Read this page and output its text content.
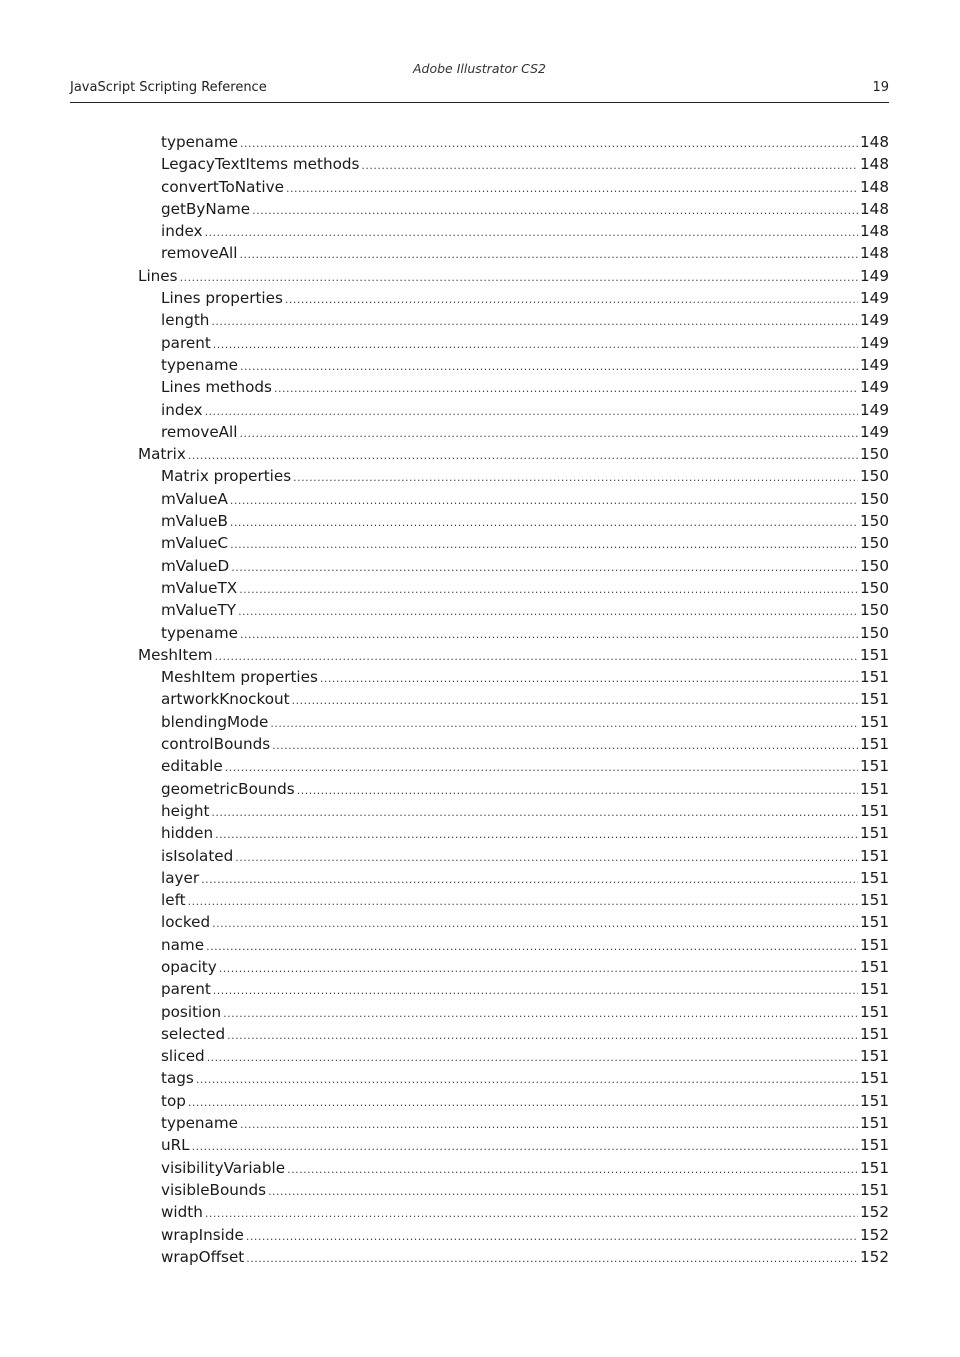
Adobe Illustrator CS2
JavaScript Scripting Reference	19
typename .....	148
LegacyTextItems methods .....	148
convertToNative .....	148
getByName .....	148
index .....	148
removeAll .....	148
Lines .....	149
Lines properties .....	149
length .....	149
parent .....	149
typename .....	149
Lines methods .....	149
index .....	149
removeAll .....	149
Matrix .....	150
Matrix properties .....	150
mValueA .....	150
mValueB .....	150
mValueC .....	150
mValueD .....	150
mValueTX .....	150
mValueTY .....	150
typename .....	150
MeshItem .....	151
MeshItem properties .....	151
artworkKnockout .....	151
blendingMode .....	151
controlBounds .....	151
editable .....	151
geometricBounds .....	151
height .....	151
hidden .....	151
isIsolated .....	151
layer .....	151
left .....	151
locked .....	151
name .....	151
opacity .....	151
parent .....	151
position .....	151
selected .....	151
sliced .....	151
tags .....	151
top .....	151
typename .....	151
uRL .....	151
visibilityVariable .....	151
visibleBounds .....	151
width .....	152
wrapInside .....	152
wrapOffset .....	152
